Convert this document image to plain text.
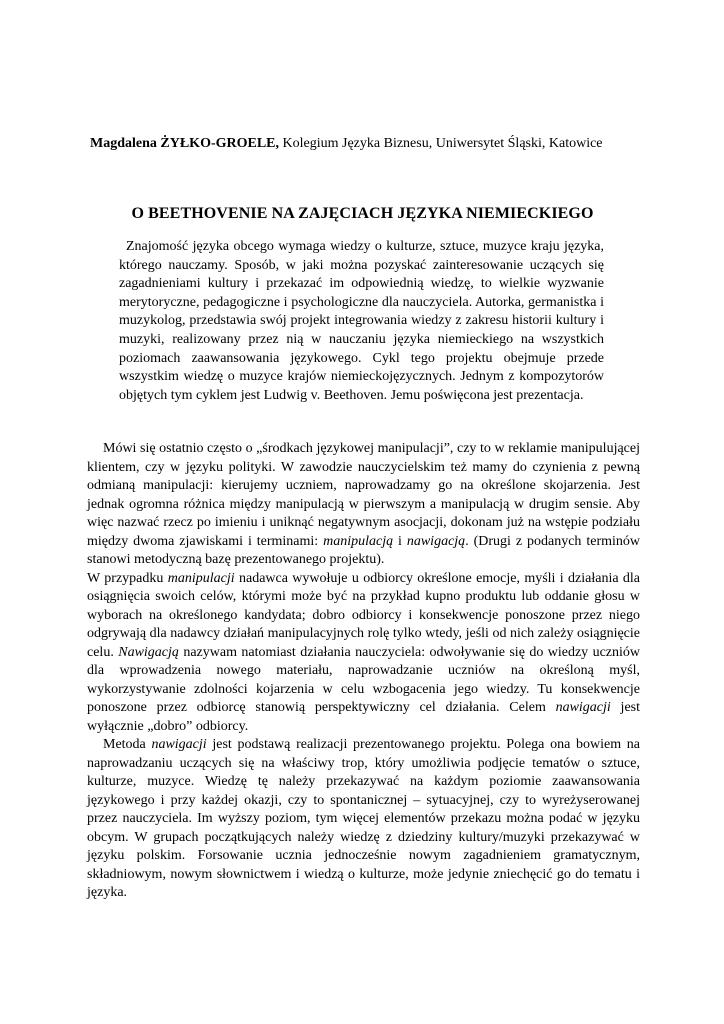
Magdalena ŻYŁKO-GROELE, Kolegium Języka Biznesu, Uniwersytet Śląski, Katowice
O BEETHOVENIE NA ZAJĘCIACH JĘZYKA NIEMIECKIEGO

Znajomość języka obcego wymaga wiedzy o kulturze, sztuce, muzyce kraju języka, którego nauczamy. Sposób, w jaki można pozyskać zainteresowanie uczących się zagadnieniami kultury i przekazać im odpowiednią wiedzę, to wielkie wyzwanie merytoryczne, pedagogiczne i psychologiczne dla nauczyciela. Autorka, germanistka i muzykolog, przedstawia swój projekt integrowania wiedzy z zakresu historii kultury i muzyki, realizowany przez nią w nauczaniu języka niemieckiego na wszystkich poziomach zaawansowania językowego. Cykl tego projektu obejmuje przede wszystkim wiedzę o muzyce krajów niemieckojęzycznych. Jednym z kompozytorów objętych tym cyklem jest Ludwig v. Beethoven. Jemu poświęcona jest prezentacja.

Mówi się ostatnio często o „środkach językowej manipulacji”, czy to w reklamie manipulującej klientem, czy w języku polityki. W zawodzie nauczycielskim też mamy do czynienia z pewną odmianą manipulacji: kierujemy uczniem, naprowadzamy go na określone skojarzenia. Jest jednak ogromna różnica między manipulacją w pierwszym a manipulacją w drugim sensie. Aby więc nazwać rzecz po imieniu i uniknąć negatywnym asocjacji, dokonam już na wstępie podziału między dwoma zjawiskami i terminami: manipulacją i nawigacją. (Drugi z podanych terminów stanowi metodyczną bazę prezentowanego projektu).

W przypadku manipulacji nadawca wywołuje u odbiorcy określone emocje, myśli i działania dla osiągnięcia swoich celów, którymi może być na przykład kupno produktu lub oddanie głosu w wyborach na określonego kandydata; dobro odbiorcy i konsekwencje ponoszone przez niego odgrywają dla nadawcy działań manipulacyjnych rolę tylko wtedy, jeśli od nich zależy osiągnięcie celu. Nawigacją nazywam natomiast działania nauczyciela: odwoływanie się do wiedzy uczniów dla wprowadzenia nowego materiału, naprowadzanie uczniów na określoną myśl, wykorzystywanie zdolności kojarzenia w celu wzbogacenia jego wiedzy. Tu konsekwencje ponoszone przez odbiorcę stanowią perspektywiczny cel działania. Celem nawigacji jest wyłącznie „dobro” odbiorcy.

Metoda nawigacji jest podstawą realizacji prezentowanego projektu. Polega ona bowiem na naprowadzaniu uczących się na właściwy trop, który umożliwia podjęcie tematów o sztuce, kulturze, muzyce. Wiedzę tę należy przekazywać na każdym poziomie zaawansowania językowego i przy każdej okazji, czy to spontanicznej – sytuacyjnej, czy to wyreżyserowanej przez nauczyciela. Im wyższy poziom, tym więcej elementów przekazu można podać w języku obcym. W grupach początkujących należy wiedzę z dziedziny kultury/muzyki przekazywać w języku polskim. Forsowanie ucznia jednocześnie nowym zagadnieniem gramatycznym, składniowym, nowym słownictwem i wiedzą o kulturze, może jedynie zniechęcić go do tematu i języka.
